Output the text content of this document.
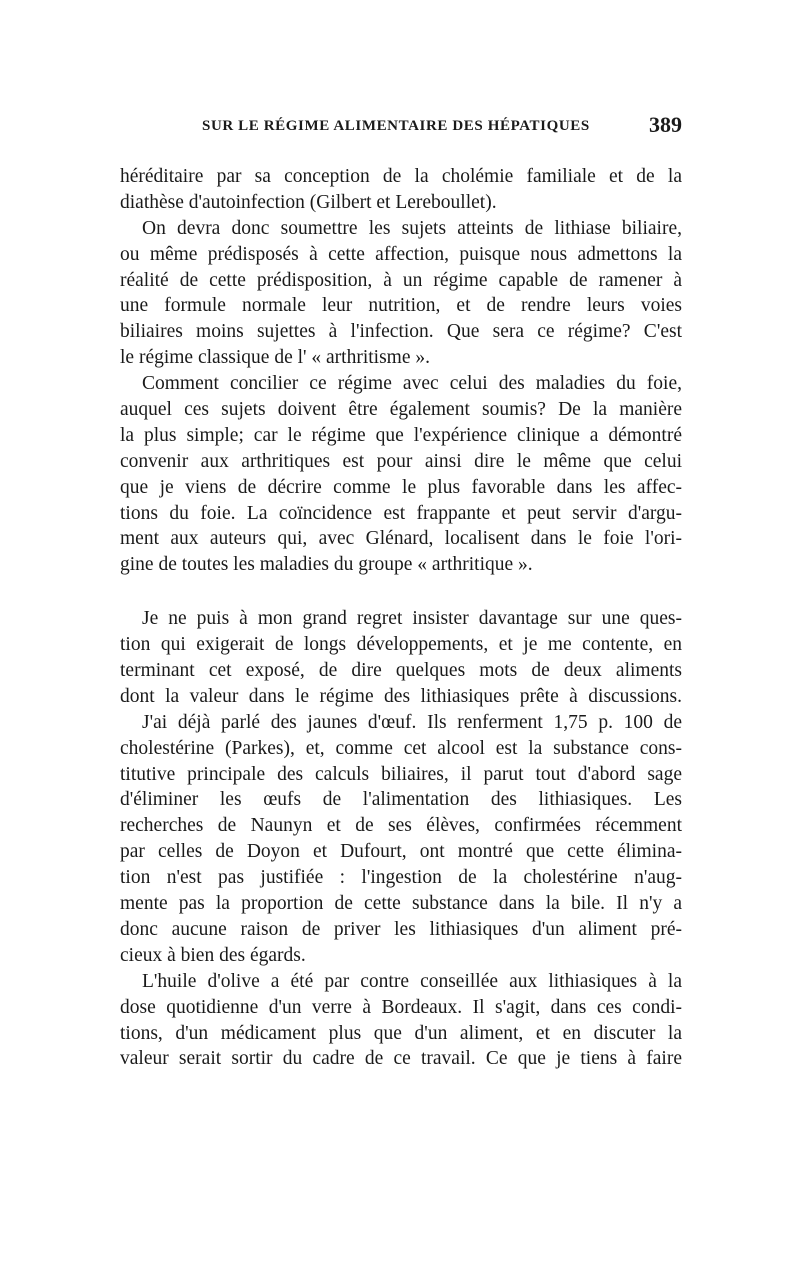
SUR LE RÉGIME ALIMENTAIRE DES HÉPATIQUES	389
héréditaire par sa conception de la cholémie familiale et de la
diathèse d'autoinfection (Gilbert et Lereboullet).
On devra donc soumettre les sujets atteints de lithiase biliaire,
ou même prédisposés à cette affection, puisque nous admettons la
réalité de cette prédisposition, à un régime capable de ramener à
une formule normale leur nutrition, et de rendre leurs voies
biliaires moins sujettes à l'infection. Que sera ce régime? C'est
le régime classique de l' « arthritisme ».
Comment concilier ce régime avec celui des maladies du foie,
auquel ces sujets doivent être également soumis? De la manière
la plus simple; car le régime que l'expérience clinique a démontré
convenir aux arthritiques est pour ainsi dire le même que celui
que je viens de décrire comme le plus favorable dans les affec-
tions du foie. La coïncidence est frappante et peut servir d'argu-
ment aux auteurs qui, avec Glénard, localisent dans le foie l'ori-
gine de toutes les maladies du groupe « arthritique ».
Je ne puis à mon grand regret insister davantage sur une ques-
tion qui exigerait de longs développements, et je me contente, en
terminant cet exposé, de dire quelques mots de deux aliments
dont la valeur dans le régime des lithiasiques prête à discussions.
J'ai déjà parlé des jaunes d'œuf. Ils renferment 1,75 p. 100 de
cholestérine (Parkes), et, comme cet alcool est la substance cons-
titutive principale des calculs biliaires, il parut tout d'abord sage
d'éliminer les œufs de l'alimentation des lithiasiques. Les
recherches de Naunyn et de ses élèves, confirmées récemment
par celles de Doyon et Dufourt, ont montré que cette élimina-
tion n'est pas justifiée : l'ingestion de la cholestérine n'aug-
mente pas la proportion de cette substance dans la bile. Il n'y a
donc aucune raison de priver les lithiasiques d'un aliment pré-
cieux à bien des égards.
L'huile d'olive a été par contre conseillée aux lithiasiques à la
dose quotidienne d'un verre à Bordeaux. Il s'agit, dans ces condi-
tions, d'un médicament plus que d'un aliment, et en discuter la
valeur serait sortir du cadre de ce travail. Ce que je tiens à faire
